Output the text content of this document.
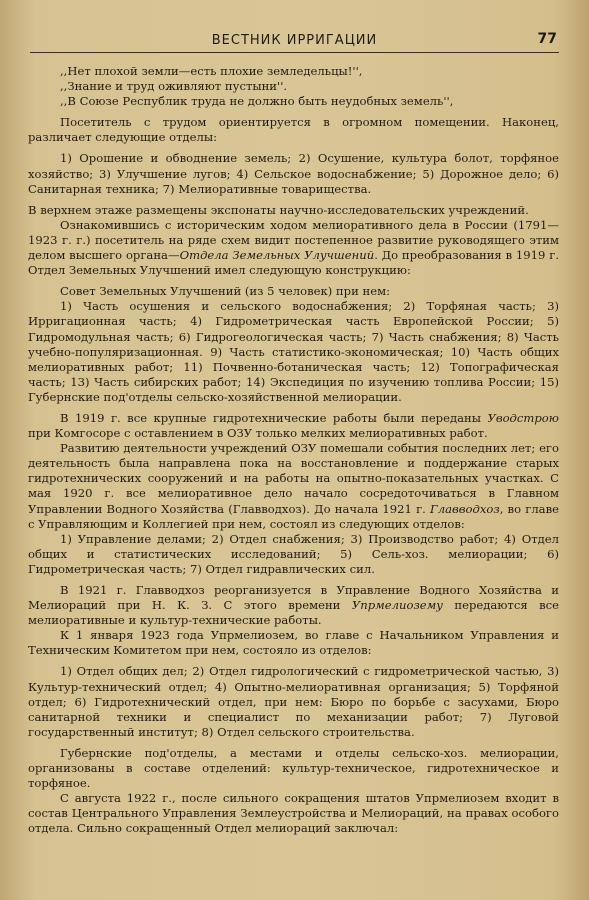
ВЕСТНИК ИРРИГАЦИИ	77

,,Нет плохой земли—есть плохие земледельцы!'',

,,Знание и труд оживляют пустыни''.

,,В Союзе Республик труда не должно быть неудобных земель'',

Посетитель с трудом ориентируется в огромном помещении. Наконец, различает следующие отделы:

1) Орошение и обводнение земель; 2) Осушение, культура болот, торфяное хозяйство; 3) Улучшение лугов; 4) Сельское водоснабжение; 5) Дорожное дело; 6) Санитарная техника; 7) Мелиоративные товарищества.

В верхнем этаже размещены экспонаты научно-исследовательских учреждений.

Ознакомившись с историческим ходом мелиоративного дела в России (1791—1923 г. г.) посетитель на ряде схем видит постепенное развитие руководящего этим делом высшего органа—Отдела Земельных Улучшений. До преобразования в 1919 г. Отдел Земельных Улучшений имел следующую конструкцию:

Совет Земельных Улучшений (из 5 человек) при нем:

1) Часть осушения и сельского водоснабжения; 2) Торфяная часть; 3) Ирригационная часть; 4) Гидрометрическая часть Европейской России; 5) Гидромодульная часть; 6) Гидрогеологическая часть; 7) Часть снабжения; 8) Часть учебно-популяризационная. 9) Часть статистико-экономическая; 10) Часть общих мелиоративных работ; 11) Почвенно-ботаническая часть; 12) Топографическая часть; 13) Часть сибирских работ; 14) Экспедиция по изучению топлива России; 15) Губернские под'отделы сельско-хозяйственной мелиорации.

В 1919 г. все крупные гидротехнические работы были переданы Уводстрою при Комгосоре с оставлением в ОЗУ только мелких мелиоративных работ.

Развитию деятельности учреждений ОЗУ помешали события последних лет; его деятельность была направлена пока на восстановление и поддержание старых гидротехнических сооружений и на работы на опытно-показательных участках. С мая 1920 г. все мелиоративное дело начало сосредоточиваться в Главном Управлении Водного Хозяйства (Главводхоз). До начала 1921 г. Главводхоз, во главе с Управляющим и Коллегией при нем, состоял из следующих отделов:

1) Управление делами; 2) Отдел снабжения; 3) Производство работ; 4) Отдел общих и статистических исследований; 5) Сель-хоз. мелиорации; 6) Гидрометрическая часть; 7) Отдел гидравлических сил.

В 1921 г. Главводхоз реорганизуется в Управление Водного Хозяйства и Мелиораций при Н. К. З. С этого времени Упрмелиозему передаются все мелиоративные и культур-технические работы.

К 1 января 1923 года Упрмелиозем, во главе с Начальником Управления и Техническим Комитетом при нем, состояло из отделов:

1) Отдел общих дел; 2) Отдел гидрологический с гидрометрической частью, 3) Культур-технический отдел; 4) Опытно-мелиоративная организация; 5) Торфяной отдел; 6) Гидротехнический отдел, при нем: Бюро по борьбе с засухами, Бюро санитарной техники и специалист по механизации работ; 7) Луговой государственный институт; 8) Отдел сельского строительства.

Губернские под'отделы, а местами и отделы сельско-хоз. мелиорации, организованы в составе отделений: культур-техническое, гидротехническое и торфяное.

С августа 1922 г., после сильного сокращения штатов Упрмелиозем входит в состав Центрального Управления Землеустройства и Мелиораций, на правах особого отдела. Сильно сокращенный Отдел мелиораций заключал:
